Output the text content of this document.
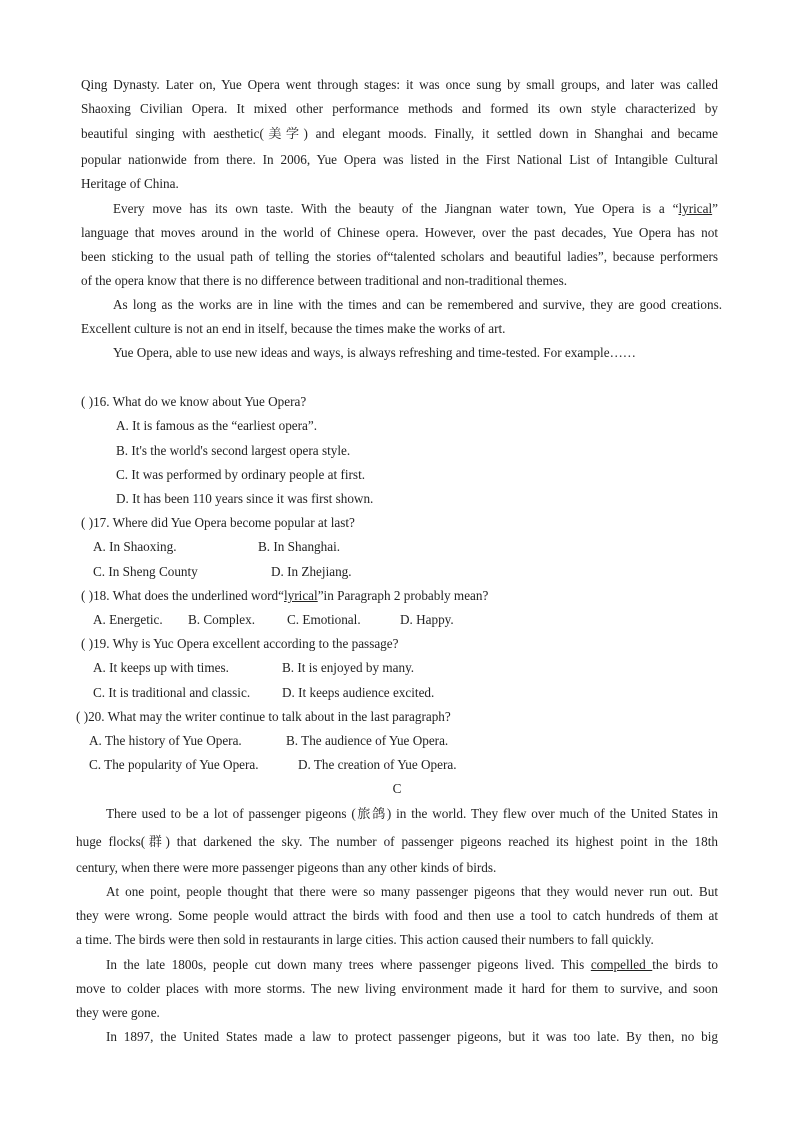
Qing Dynasty. Later on, Yue Opera went through stages: it was once sung by small groups, and later was called
Shaoxing Civilian Opera. It mixed other performance methods and formed its own style characterized by
beautiful singing with aesthetic(美学) and elegant moods. Finally, it settled down in Shanghai and became
popular nationwide from there. In 2006, Yue Opera was listed in the First National List of Intangible Cultural
Heritage of China.
Every move has its own taste. With the beauty of the Jiangnan water town, Yue Opera is a “lyrical”
language that moves around in the world of Chinese opera. However, over the past decades, Yue Opera has not
been sticking to the usual path of telling the stories of“talented scholars and beautiful ladies”, because performers
of the opera know that there is no difference between traditional and non-traditional themes.
As long as the works are in line with the times and can be remembered and survive, they are good creations.
Excellent culture is not an end in itself, because the times make the works of art.
Yue Opera, able to use new ideas and ways, is always refreshing and time-tested. For example……
( )16. What do we know about Yue Opera?
A. It is famous as the “earliest opera”.
B. It's the world's second largest opera style.
C. It was performed by ordinary people at first.
D. It has been 110 years since it was first shown.
( )17. Where did Yue Opera become popular at last?
A. In Shaoxing.	B. In Shanghai.
C. In Sheng County	D. In Zhejiang.
( )18. What does the underlined word“lyrical”in Paragraph 2 probably mean?
A. Energetic. B. Complex. C. Emotional.	D. Happy.
( )19. Why is Yuc Opera excellent according to the passage?
A. It keeps up with times.	B. It is enjoyed by many.
C. It is traditional and classic. D. It keeps audience excited.
( )20. What may the writer continue to talk about in the last paragraph?
A. The history of Yue Opera.	B. The audience of Yue Opera.
C. The popularity of Yue Opera.	D. The creation of Yue Opera.
C
There used to be a lot of passenger pigeons (旅鸽) in the world. They flew over much of the United States in
huge flocks(群) that darkened the sky. The number of passenger pigeons reached its highest point in the 18th
century, when there were more passenger pigeons than any other kinds of birds.
At one point, people thought that there were so many passenger pigeons that they would never run out. But
they were wrong. Some people would attract the birds with food and then use a tool to catch hundreds of them at
a time. The birds were then sold in restaurants in large cities. This action caused their numbers to fall quickly.
In the late 1800s, people cut down many trees where passenger pigeons lived. This compelled the birds to
move to colder places with more storms. The new living environment made it hard for them to survive, and soon
they were gone.
In 1897, the United States made a law to protect passenger pigeons, but it was too late. By then, no big
